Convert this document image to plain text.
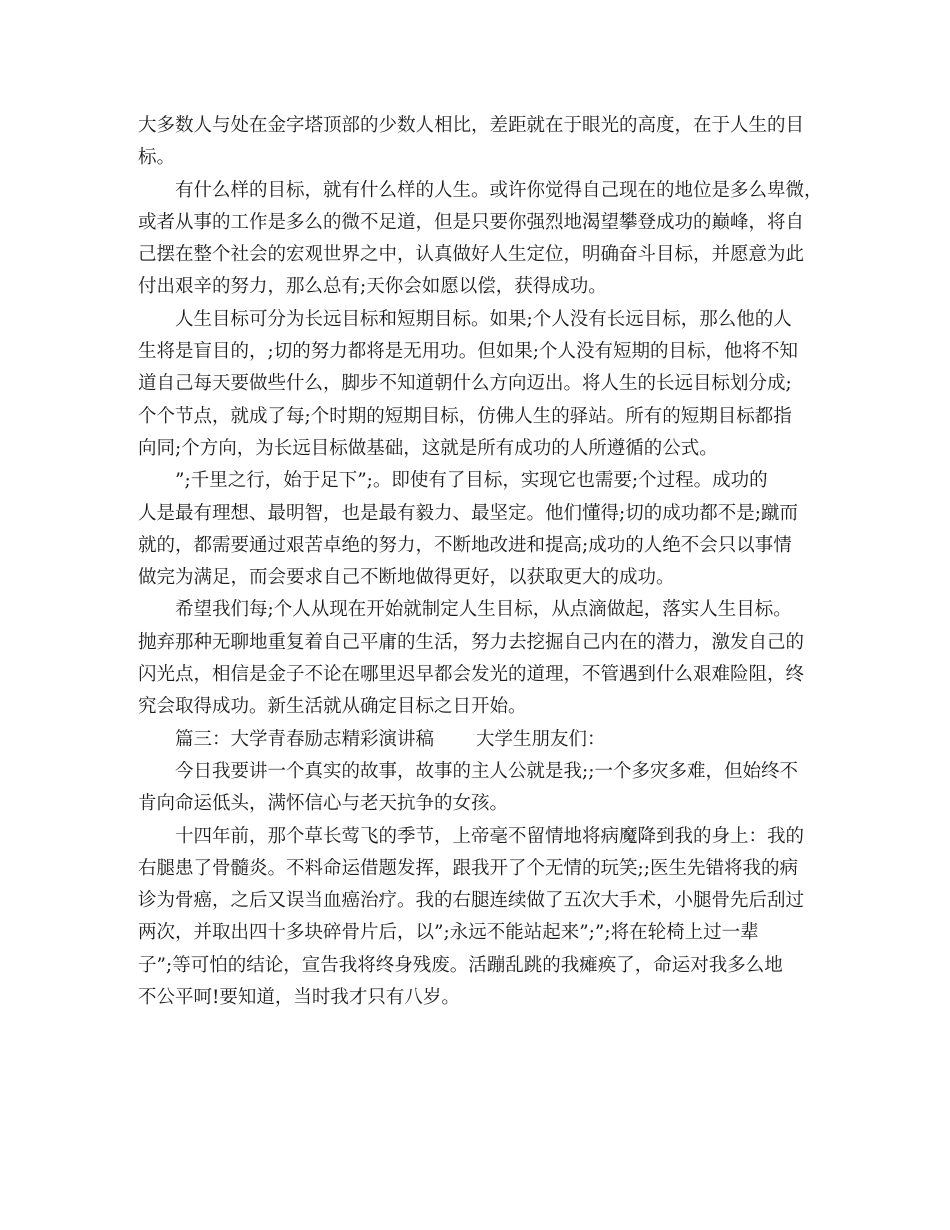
大多数人与处在金字塔顶部的少数人相比，差距就在于眼光的高度，在于人生的目

标。

有什么样的目标，就有什么样的人生。或许你觉得自己现在的地位是多么卑微，

或者从事的工作是多么的微不足道，但是只要你强烈地渴望攀登成功的巅峰，将自

己摆在整个社会的宏观世界之中，认真做好人生定位，明确奋斗目标，并愿意为此

付出艰辛的努力，那么总有;天你会如愿以偿，获得成功。

人生目标可分为长远目标和短期目标。如果;个人没有长远目标，那么他的人

生将是盲目的，;切的努力都将是无用功。但如果;个人没有短期的目标，他将不知

道自己每天要做些什么，脚步不知道朝什么方向迈出。将人生的长远目标划分成;

个个节点，就成了每;个时期的短期目标，仿佛人生的驿站。所有的短期目标都指

向同;个方向，为长远目标做基础，这就是所有成功的人所遵循的公式。

”;千里之行，始于足下”;。即使有了目标，实现它也需要;个过程。成功的

人是最有理想、最明智，也是最有毅力、最坚定。他们懂得;切的成功都不是;蹴而

就的，都需要通过艰苦卓绝的努力，不断地改进和提高;成功的人绝不会只以事情

做完为满足，而会要求自己不断地做得更好，以获取更大的成功。

希望我们每;个人从现在开始就制定人生目标，从点滴做起，落实人生目标。

抛弃那种无聊地重复着自己平庸的生活，努力去挖掘自己内在的潜力，激发自己的

闪光点，相信是金子不论在哪里迟早都会发光的道理，不管遇到什么艰难险阻，终

究会取得成功。新生活就从确定目标之日开始。

篇三：大学青春励志精彩演讲稿 大学生朋友们：

今日我要讲一个真实的故事，故事的主人公就是我;;一个多灾多难，但始终不

肯向命运低头，满怀信心与老天抗争的女孩。

十四年前，那个草长莺飞的季节，上帝毫不留情地将病魔降到我的身上：我的

右腿患了骨髓炎。不料命运借题发挥，跟我开了个无情的玩笑;;医生先错将我的病

诊为骨癌，之后又误当血癌治疗。我的右腿连续做了五次大手术，小腿骨先后刮过

两次，并取出四十多块碎骨片后，以”;永远不能站起来”;”;将在轮椅上过一辈

子”;等可怕的结论，宣告我将终身残废。活蹦乱跳的我瘫痪了，命运对我多么地

不公平呵!要知道，当时我才只有八岁。
